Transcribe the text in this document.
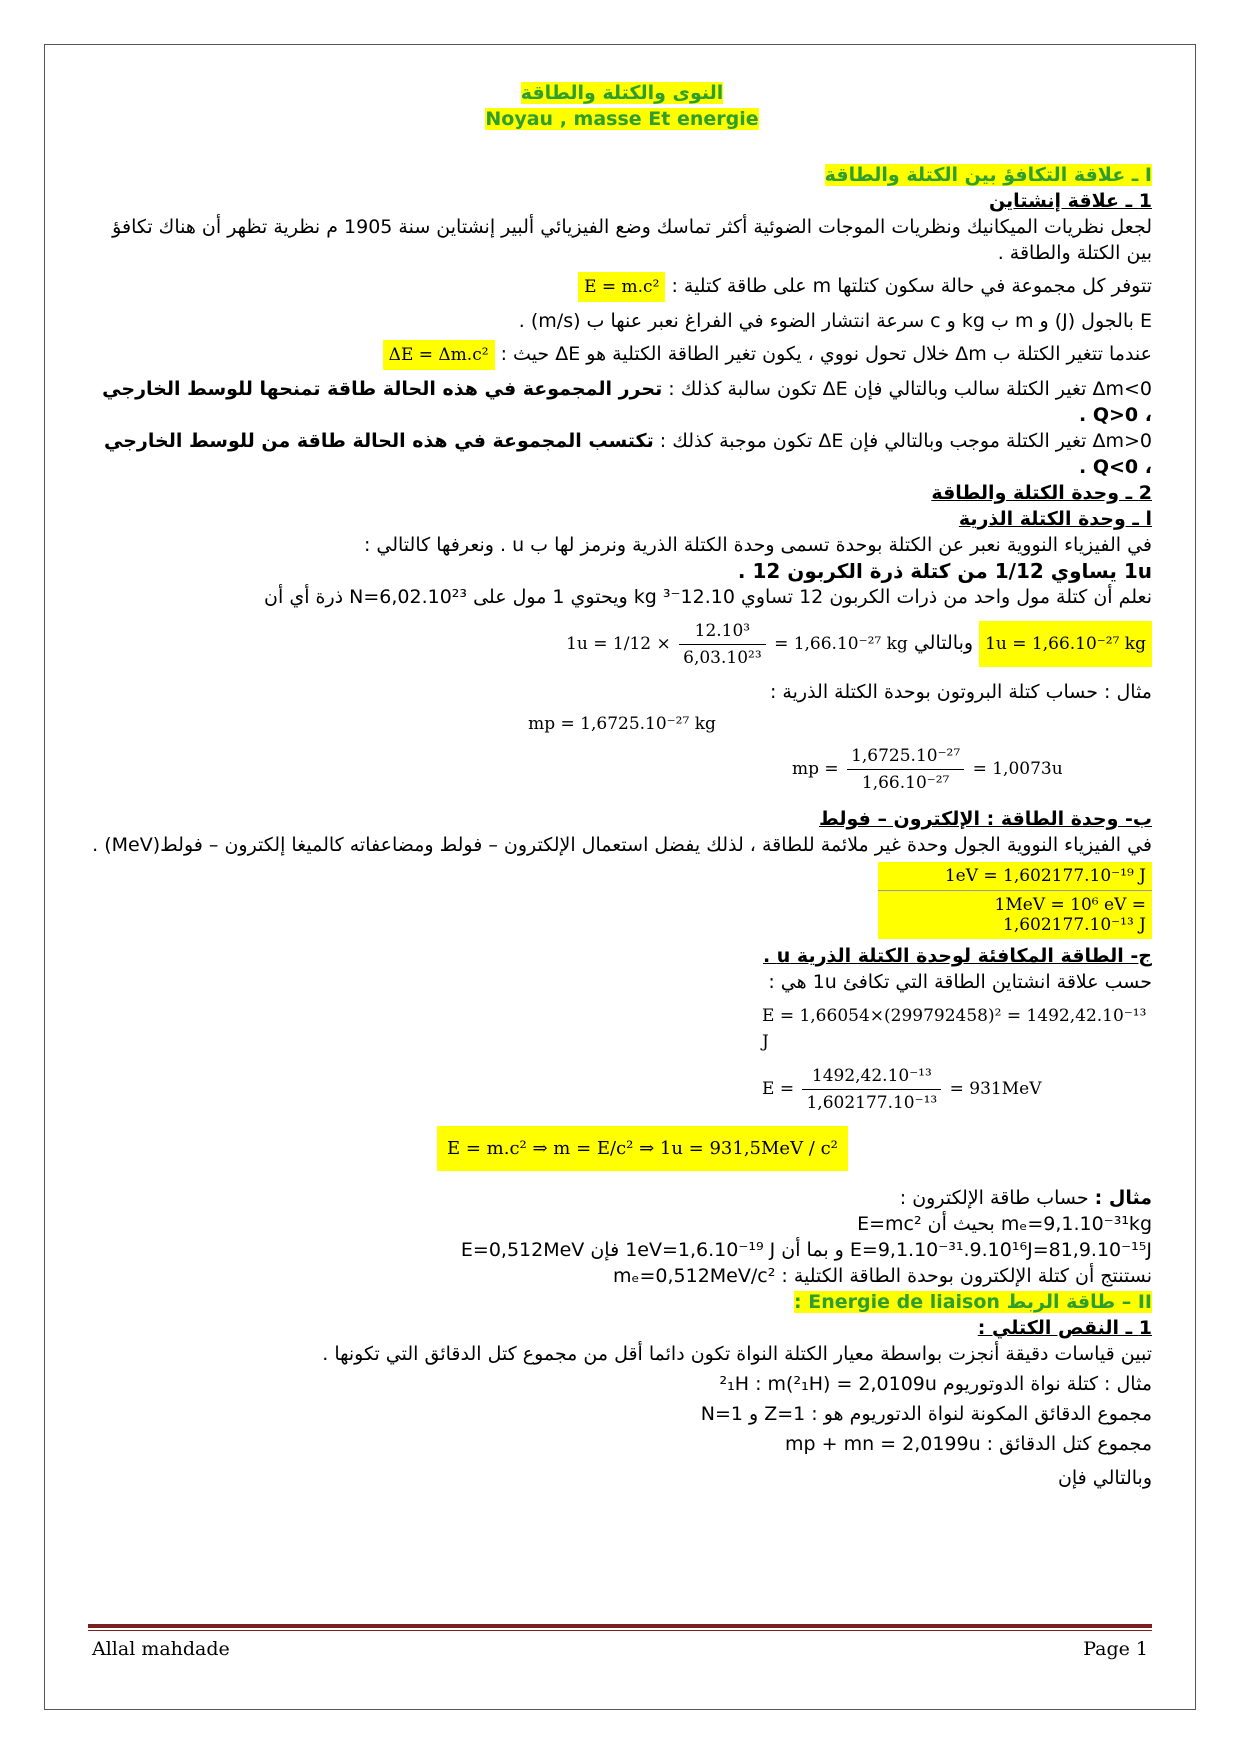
النوى والكتلة والطاقة

Noyau , masse Et energie

I ـ علاقة التكافؤ بين الكتلة والطاقة

1 ـ علاقة إنشتاين

لجعل نظريات الميكانيك ونظريات الموجات الضوئية أكثر تماسك وضع الفيزيائي ألبير إنشتاين سنة 1905 م نظرية تظهر أن هناك تكافؤ بين الكتلة والطاقة .

تتوفر كل مجموعة في حالة سكون كتلتها m على طاقة كتلية : E = m.c²

E بالجول (J) و m ب kg و c سرعة انتشار الضوء في الفراغ نعبر عنها ب (m/s) .

عندما تتغير الكتلة ب Δm خلال تحول نووي ، يكون تغير الطاقة الكتلية هو ΔE حيث : ΔE = Δm.c²

Δm<0 تغير الكتلة سالب وبالتالي فإن ΔE تكون سالبة كذلك : تحرر المجموعة في هذه الحالة طاقة تمنحها للوسط الخارجي ، Q>0 .

Δm>0 تغير الكتلة موجب وبالتالي فإن ΔE تكون موجبة كذلك : تكتسب المجموعة في هذه الحالة طاقة من للوسط الخارجي ، Q<0 .

2 ـ وحدة الكتلة والطاقة

ا ـ وحدة الكتلة الذرية

في الفيزياء النووية نعبر عن الكتلة بوحدة تسمى وحدة الكتلة الذرية ونرمز لها ب u . ونعرفها كالتالي :

1u يساوي 1/12 من كتلة ذرة الكربون 12 .

نعلم أن كتلة مول واحد من ذرات الكربون 12 تساوي 12.10⁻³ kg ويحتوي 1 مول على N=6,02.10²³ ذرة أي أن

1u = 1,66.10⁻²⁷ kg وبالتالي $1u = 1/12 \times \frac{\text{12.10³}}{\text{6,03.10²³}} = 1,66.10^{-27}$ kg

مثال : حساب كتلة البروتون بوحدة الكتلة الذرية :

mp = 1,6725.10⁻²⁷ kg

mp = $\frac{\text{1,6725.10⁻²⁷}}{\text{1,66.10⁻²⁷}} = 1,0073u$

ب- وحدة الطاقة : الإلكترون – فولط

في الفيزياء النووية الجول وحدة غير ملائمة للطاقة ، لذلك يفضل استعمال الإلكترون – فولط ومضاعفاته كالميغا إلكترون – فولط(MeV) .

1eV = 1,602177.10⁻¹⁹ J
1MeV = 10⁶ eV = 1,602177.10⁻¹³ J

ج- الطاقة المكافئة لوحدة الكتلة الذرية u .

حسب علاقة انشتاين الطاقة التي تكافئ 1u هي :

E = 1,66054×(299792458)² = 1492,42.10⁻¹³ J

$E = \frac{\text{1492,42.10⁻¹³}}{\text{1,602177.10⁻¹³}} = 931MeV$

E = m.c² ⇒ m = E/c² ⇒ 1u = 931,5MeV / c²

مثال : حساب طاقة الإلكترون :

mₑ=9,1.10⁻³¹kg بحيث أن E=mc²

E=9,1.10⁻³¹.9.10¹⁶J=81,9.10⁻¹⁵J و بما أن 1eV=1,6.10⁻¹⁹ J فإن E=0,512MeV

نستنتج أن كتلة الإلكترون بوحدة الطاقة الكتلية : mₑ=0,512MeV/c²

II – طاقة الربط Energie de liaison :

1 ـ النقص الكتلي :

تبين قياسات دقيقة أنجزت بواسطة معيار الكتلة النواة تكون دائما أقل من مجموع كتل الدقائق التي تكونها .

مثال : كتلة نواة الدوتوريوم ²₁H : m(²₁H) = 2,0109u

مجموع الدقائق المكونة لنواة الدتوريوم هو : Z=1 و N=1

مجموع كتل الدقائق : mp + mn = 2,0199u

وبالتالي فإن

Allal mahdade	Page 1
